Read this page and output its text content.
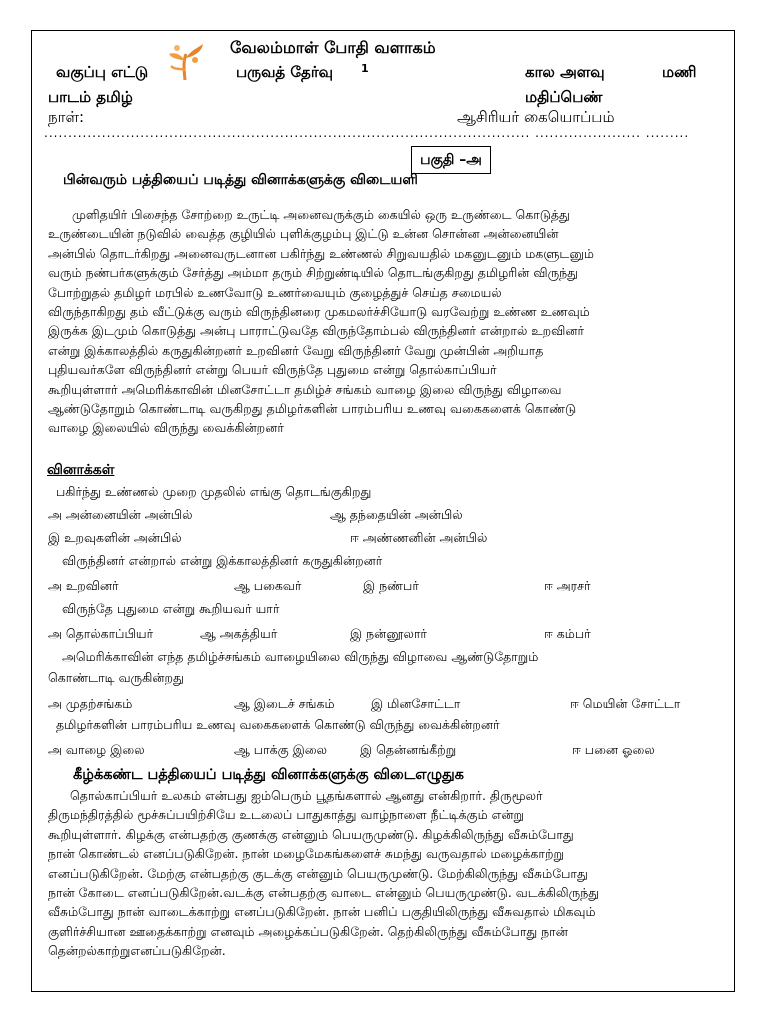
வேலம்மாள் போதி வளாகம்
வகுப்பு எட்டு	பருவத் தேர்வு	1	கால அளவு	மணி
பாடம் தமிழ்	மதிப்பெண்
நாள்:	ஆசிரியர் கையொப்பம்
..................................................................................................... ...................... .........
பகுதி –அ
பின்வரும் பத்தியைப் படித்து வினாக்களுக்கு விடையளி
முளிதயிர் பிசைந்த சோற்றை உருட்டி அனைவருக்கும் கையில் ஒரு உருண்டை கொடுத்து
உருண்டையின் நடுவில் வைத்த குழியில் புளிக்குழம்பு இட்டு உன்ன சொன்ன அன்னையின்
அன்பில் தொடர்கிறது அனைவருடனான பகிர்ந்து உண்ணல் சிறுவயதில் மகனுடனும் மகளுடனும்
வரும் நண்பர்களுக்கும் சேர்த்து அம்மா தரும் சிற்றுண்டியில் தொடங்குகிறது தமிழரின் விருந்து
போற்றுதல் தமிழர் மரபில் உணவோடு உணர்வையும் குழைத்துச் செய்த சமையல்
விருந்தாகிறது தம் வீட்டுக்கு வரும் விருந்தினரை முகமலர்ச்சியோடு வரவேற்று உண்ண உணவும்
இருக்க இடமும் கொடுத்து அன்பு பாராட்டுவதே விருந்தோம்பல் விருந்தினர் என்றால் உறவினர்
என்று இக்காலத்தில் கருதுகின்றனர் உறவினர் வேறு விருந்தினர் வேறு முன்பின் அறியாத
புதியவர்களே விருந்தினர் என்று பெயர் விருந்தே புதுமை என்று தொல்காப்பியர்
கூறியுள்ளார் அமெரிக்காவின் மினசோட்டா தமிழ்ச் சங்கம் வாழை இலை விருந்து விழாவை
ஆண்டுதோறும் கொண்டாடி வருகிறது தமிழர்களின் பாரம்பரிய உணவு வகைகளைக் கொண்டு
வாழை இலையில் விருந்து வைக்கின்றனர்
வினாக்கள்
பகிர்ந்து உண்ணல் முறை முதலில் எங்கு தொடங்குகிறது
அ அன்னையின் அன்பில்	ஆ தந்தையின் அன்பில்
இ உறவுகளின் அன்பில்	ஈ அண்ணனின் அன்பில்
விருந்தினர் என்றால் என்று இக்காலத்தினர் கருதுகின்றனர்
அ உறவினர்	ஆ பகைவர்	இ நண்பர்	ஈ அரசர்
விருந்தே புதுமை என்று கூறியவர் யார்
அ தொல்காப்பியர்	ஆ அகத்தியர்	இ நன்னூலார்	ஈ கம்பர்
அமெரிக்காவின் எந்த தமிழ்ச்சங்கம் வாழையிலை விருந்து விழாவை ஆண்டுதோறும்
கொண்டாடி வருகின்றது
அ முதற்சங்கம்	ஆ இடைச் சங்கம்	இ மினசோட்டா	ஈ மெயின் சோட்டா
தமிழர்களின் பாரம்பரிய உணவு வகைகளைக் கொண்டு விருந்து வைக்கின்றனர்
அ வாழை இலை	ஆ பாக்கு இலை	இ தென்னங்கீற்று	ஈ பனை ஓலை
கீழ்க்கண்ட பத்தியைப் படித்து வினாக்களுக்கு விடைஎழுதுக
தொல்காப்பியர் உலகம் என்பது ஐம்பெரும் பூதங்களால் ஆனது என்கிறார். திருமூலர்
திருமந்திரத்தில் மூச்சுப்பயிற்சியே உடலைப் பாதுகாத்து வாழ்நாளை நீட்டிக்கும் என்று
கூறியுள்ளார். கிழக்கு என்பதற்கு குணக்கு என்னும் பெயருமுண்டு. கிழக்கிலிருந்து வீசும்போது
நான் கொண்டல் எனப்படுகிறேன். நான் மழைமேகங்களைச் சுமந்து வருவதால் மழைக்காற்று
எனப்படுகிறேன். மேற்கு என்பதற்கு குடக்கு என்னும் பெயருமுண்டு. மேற்கிலிருந்து வீசும்போது
நான் கோடை எனப்படுகிறேன்.வடக்கு என்பதற்கு வாடை என்னும் பெயருமுண்டு. வடக்கிலிருந்து
வீசும்போது நான் வாடைக்காற்று எனப்படுகிறேன். நான் பனிப் பகுதியிலிருந்து வீசுவதால் மிகவும்
குளிர்ச்சியான ஊதைக்காற்று எனவும் அழைக்கப்படுகிறேன். தெற்கிலிருந்து வீசும்போது நான்
தென்றல்காற்றுஎனப்படுகிறேன்.
